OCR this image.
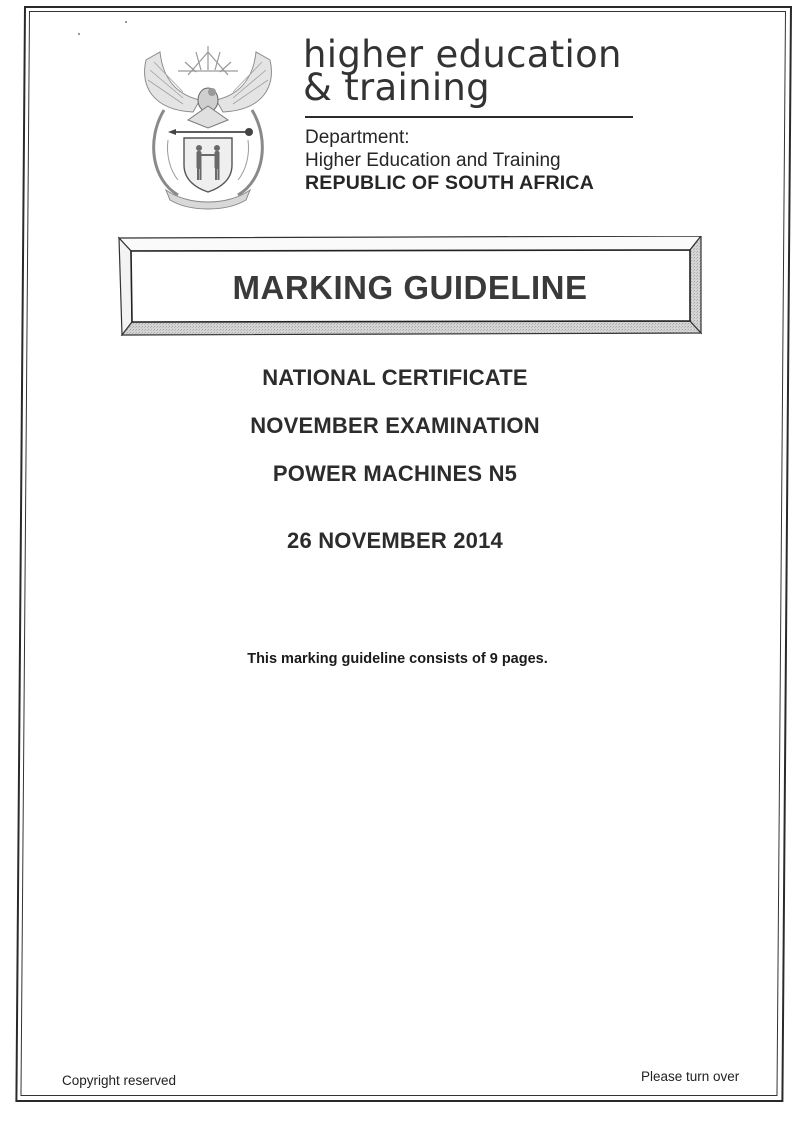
higher education
& training
Department:
Higher Education and Training
REPUBLIC OF SOUTH AFRICA
MARKING GUIDELINE
NATIONAL CERTIFICATE
NOVEMBER EXAMINATION
POWER MACHINES N5
26 NOVEMBER 2014
This marking guideline consists of 9 pages.
Copyright reserved	Please turn over
